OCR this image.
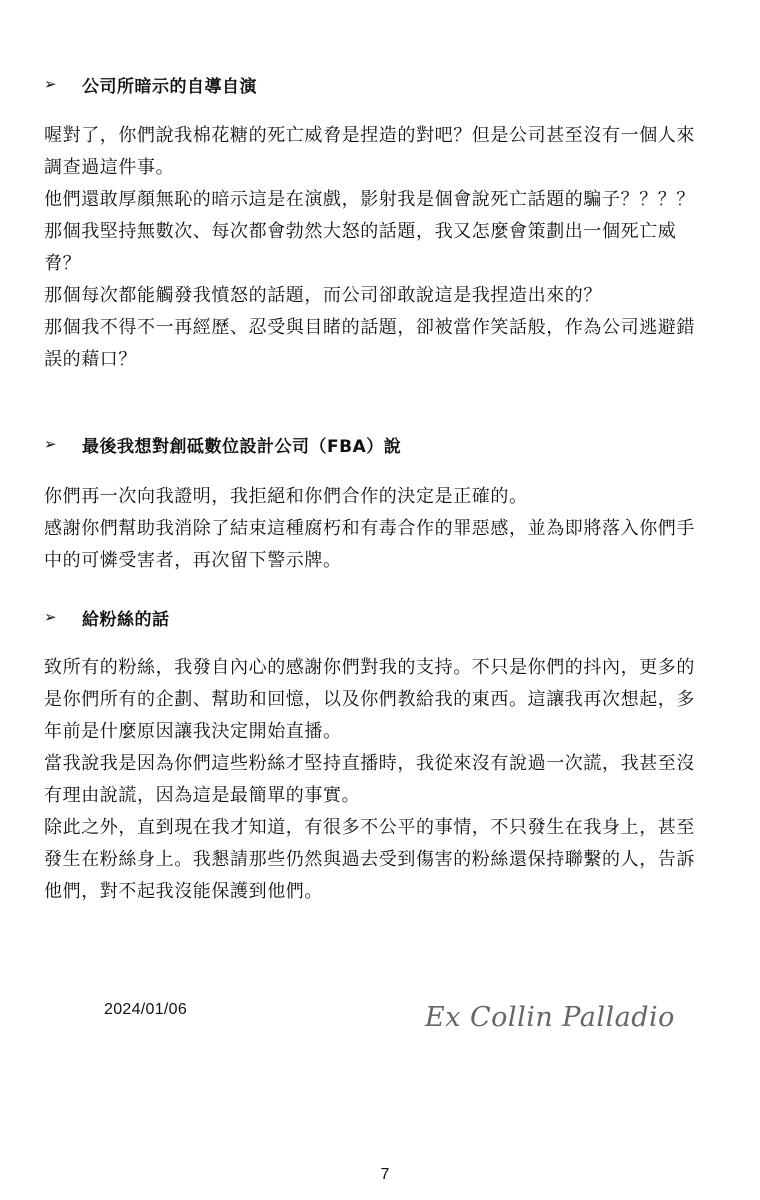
➢	公司所暗示的自導自演

喔對了，你們說我棉花糖的死亡威脅是捏造的對吧？但是公司甚至沒有一個人來調查過這件事。

他們還敢厚顏無恥的暗示這是在演戲，影射我是個會說死亡話題的騙子？？？？

那個我堅持無數次、每次都會勃然大怒的話題，我又怎麼會策劃出一個死亡威脅？

那個每次都能觸發我憤怒的話題，而公司卻敢說這是我捏造出來的？

那個我不得不一再經歷、忍受與目睹的話題，卻被當作笑話般，作為公司逃避錯誤的藉口？

➢	最後我想對創砥數位設計公司（FBA）說

你們再一次向我證明，我拒絕和你們合作的決定是正確的。

感謝你們幫助我消除了結束這種腐朽和有毒合作的罪惡感，並為即將落入你們手中的可憐受害者，再次留下警示牌。

➢	給粉絲的話

致所有的粉絲，我發自內心的感謝你們對我的支持。不只是你們的抖內，更多的是你們所有的企劃、幫助和回憶，以及你們教給我的東西。這讓我再次想起，多年前是什麼原因讓我決定開始直播。

當我說我是因為你們這些粉絲才堅持直播時，我從來沒有說過一次謊，我甚至沒有理由說謊，因為這是最簡單的事實。

除此之外，直到現在我才知道，有很多不公平的事情，不只發生在我身上，甚至發生在粉絲身上。我懇請那些仍然與過去受到傷害的粉絲還保持聯繫的人，告訴他們，對不起我沒能保護到他們。

2024/01/06	Ex Collin Palladio
7
